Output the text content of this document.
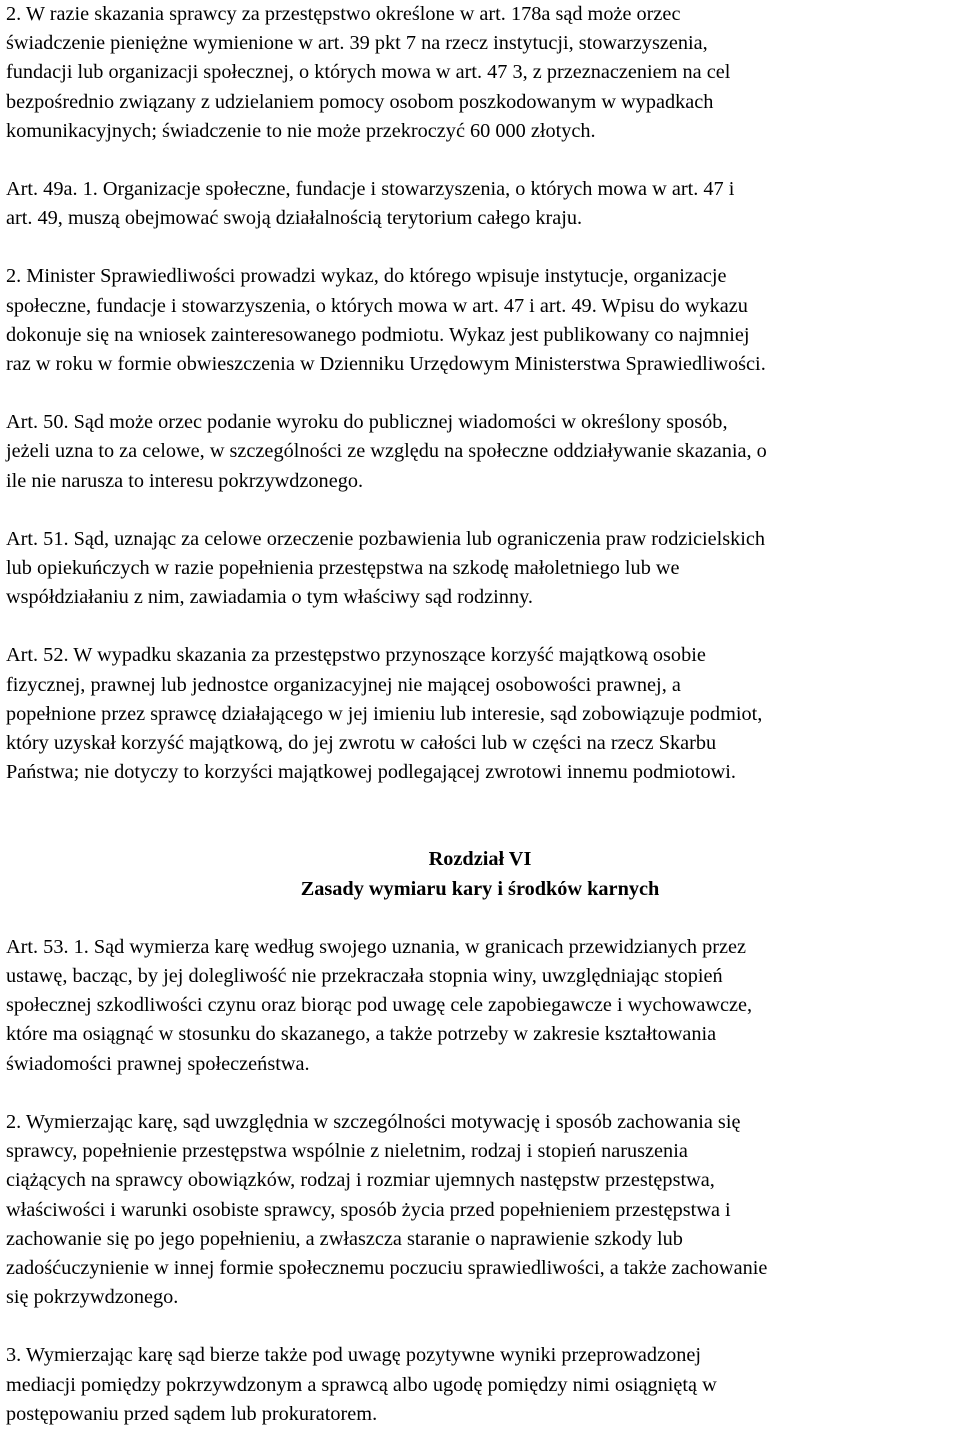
2. W razie skazania sprawcy za przestępstwo określone w art. 178a sąd może orzec
świadczenie pieniężne wymienione w art. 39 pkt 7 na rzecz instytucji, stowarzyszenia,
fundacji lub organizacji społecznej, o których mowa w art. 47 3, z przeznaczeniem na cel
bezpośrednio związany z udzielaniem pomocy osobom poszkodowanym w wypadkach
komunikacyjnych; świadczenie to nie może przekroczyć 60 000 złotych.

Art. 49a. 1. Organizacje społeczne, fundacje i stowarzyszenia, o których mowa w art. 47 i
art. 49, muszą obejmować swoją działalnością terytorium całego kraju.

2. Minister Sprawiedliwości prowadzi wykaz, do którego wpisuje instytucje, organizacje
społeczne, fundacje i stowarzyszenia, o których mowa w art. 47 i art. 49. Wpisu do wykazu
dokonuje się na wniosek zainteresowanego podmiotu. Wykaz jest publikowany co najmniej
raz w roku w formie obwieszczenia w Dzienniku Urzędowym Ministerstwa Sprawiedliwości.

Art. 50. Sąd może orzec podanie wyroku do publicznej wiadomości w określony sposób,
jeżeli uzna to za celowe, w szczególności ze względu na społeczne oddziaływanie skazania, o
ile nie narusza to interesu pokrzywdzonego.

Art. 51. Sąd, uznając za celowe orzeczenie pozbawienia lub ograniczenia praw rodzicielskich
lub opiekuńczych w razie popełnienia przestępstwa na szkodę małoletniego lub we
współdziałaniu z nim, zawiadamia o tym właściwy sąd rodzinny.

Art. 52. W wypadku skazania za przestępstwo przynoszące korzyść majątkową osobie
fizycznej, prawnej lub jednostce organizacyjnej nie mającej osobowości prawnej, a
popełnione przez sprawcę działającego w jej imieniu lub interesie, sąd zobowiązuje podmiot,
który uzyskał korzyść majątkową, do jej zwrotu w całości lub w części na rzecz Skarbu
Państwa; nie dotyczy to korzyści majątkowej podlegającej zwrotowi innemu podmiotowi.

Rozdział VI

Zasady wymiaru kary i środków karnych

Art. 53. 1. Sąd wymierza karę według swojego uznania, w granicach przewidzianych przez
ustawę, bacząc, by jej dolegliwość nie przekraczała stopnia winy, uwzględniając stopień
społecznej szkodliwości czynu oraz biorąc pod uwagę cele zapobiegawcze i wychowawcze,
które ma osiągnąć w stosunku do skazanego, a także potrzeby w zakresie kształtowania
świadomości prawnej społeczeństwa.

2. Wymierzając karę, sąd uwzględnia w szczególności motywację i sposób zachowania się
sprawcy, popełnienie przestępstwa wspólnie z nieletnim, rodzaj i stopień naruszenia
ciążących na sprawcy obowiązków, rodzaj i rozmiar ujemnych następstw przestępstwa,
właściwości i warunki osobiste sprawcy, sposób życia przed popełnieniem przestępstwa i
zachowanie się po jego popełnieniu, a zwłaszcza staranie o naprawienie szkody lub
zadośćuczynienie w innej formie społecznemu poczuciu sprawiedliwości, a także zachowanie
się pokrzywdzonego.

3. Wymierzając karę sąd bierze także pod uwagę pozytywne wyniki przeprowadzonej
mediacji pomiędzy pokrzywdzonym a sprawcą albo ugodę pomiędzy nimi osiągniętą w
postępowaniu przed sądem lub prokuratorem.
